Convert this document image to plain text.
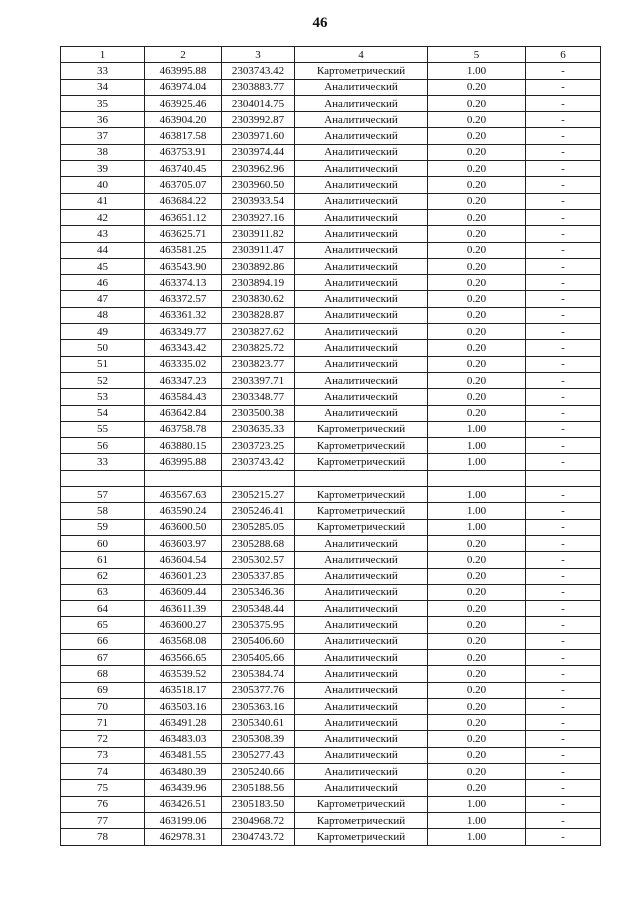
46
1	2	3	4	5	6
33	463995.88	2303743.42	Картометрический	1.00	-
34	463974.04	2303883.77	Аналитический	0.20	-
35	463925.46	2304014.75	Аналитический	0.20	-
36	463904.20	2303992.87	Аналитический	0.20	-
37	463817.58	2303971.60	Аналитический	0.20	-
38	463753.91	2303974.44	Аналитический	0.20	-
39	463740.45	2303962.96	Аналитический	0.20	-
40	463705.07	2303960.50	Аналитический	0.20	-
41	463684.22	2303933.54	Аналитический	0.20	-
42	463651.12	2303927.16	Аналитический	0.20	-
43	463625.71	2303911.82	Аналитический	0.20	-
44	463581.25	2303911.47	Аналитический	0.20	-
45	463543.90	2303892.86	Аналитический	0.20	-
46	463374.13	2303894.19	Аналитический	0.20	-
47	463372.57	2303830.62	Аналитический	0.20	-
48	463361.32	2303828.87	Аналитический	0.20	-
49	463349.77	2303827.62	Аналитический	0.20	-
50	463343.42	2303825.72	Аналитический	0.20	-
51	463335.02	2303823.77	Аналитический	0.20	-
52	463347.23	2303397.71	Аналитический	0.20	-
53	463584.43	2303348.77	Аналитический	0.20	-
54	463642.84	2303500.38	Аналитический	0.20	-
55	463758.78	2303635.33	Картометрический	1.00	-
56	463880.15	2303723.25	Картометрический	1.00	-
33	463995.88	2303743.42	Картометрический	1.00	-

57	463567.63	2305215.27	Картометрический	1.00	-
58	463590.24	2305246.41	Картометрический	1.00	-
59	463600.50	2305285.05	Картометрический	1.00	-
60	463603.97	2305288.68	Аналитический	0.20	-
61	463604.54	2305302.57	Аналитический	0.20	-
62	463601.23	2305337.85	Аналитический	0.20	-
63	463609.44	2305346.36	Аналитический	0.20	-
64	463611.39	2305348.44	Аналитический	0.20	-
65	463600.27	2305375.95	Аналитический	0.20	-
66	463568.08	2305406.60	Аналитический	0.20	-
67	463566.65	2305405.66	Аналитический	0.20	-
68	463539.52	2305384.74	Аналитический	0.20	-
69	463518.17	2305377.76	Аналитический	0.20	-
70	463503.16	2305363.16	Аналитический	0.20	-
71	463491.28	2305340.61	Аналитический	0.20	-
72	463483.03	2305308.39	Аналитический	0.20	-
73	463481.55	2305277.43	Аналитический	0.20	-
74	463480.39	2305240.66	Аналитический	0.20	-
75	463439.96	2305188.56	Аналитический	0.20	-
76	463426.51	2305183.50	Картометрический	1.00	-
77	463199.06	2304968.72	Картометрический	1.00	-
78	462978.31	2304743.72	Картометрический	1.00	-
